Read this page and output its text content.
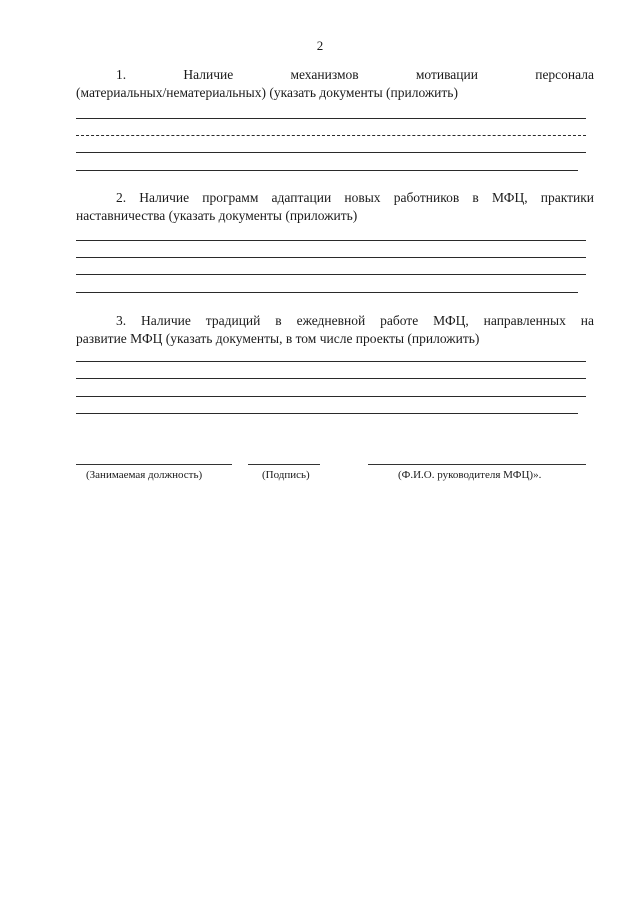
2
1. Наличие механизмов мотивации персонала
(материальных/нематериальных) (указать документы (приложить)
2. Наличие программ адаптации новых работников в МФЦ, практики
наставничества (указать документы (приложить)
3. Наличие традиций в ежедневной работе МФЦ, направленных на
развитие МФЦ (указать документы, в том числе проекты (приложить)
(Занимаемая должность)	(Подпись)	(Ф.И.О. руководителя МФЦ)».
